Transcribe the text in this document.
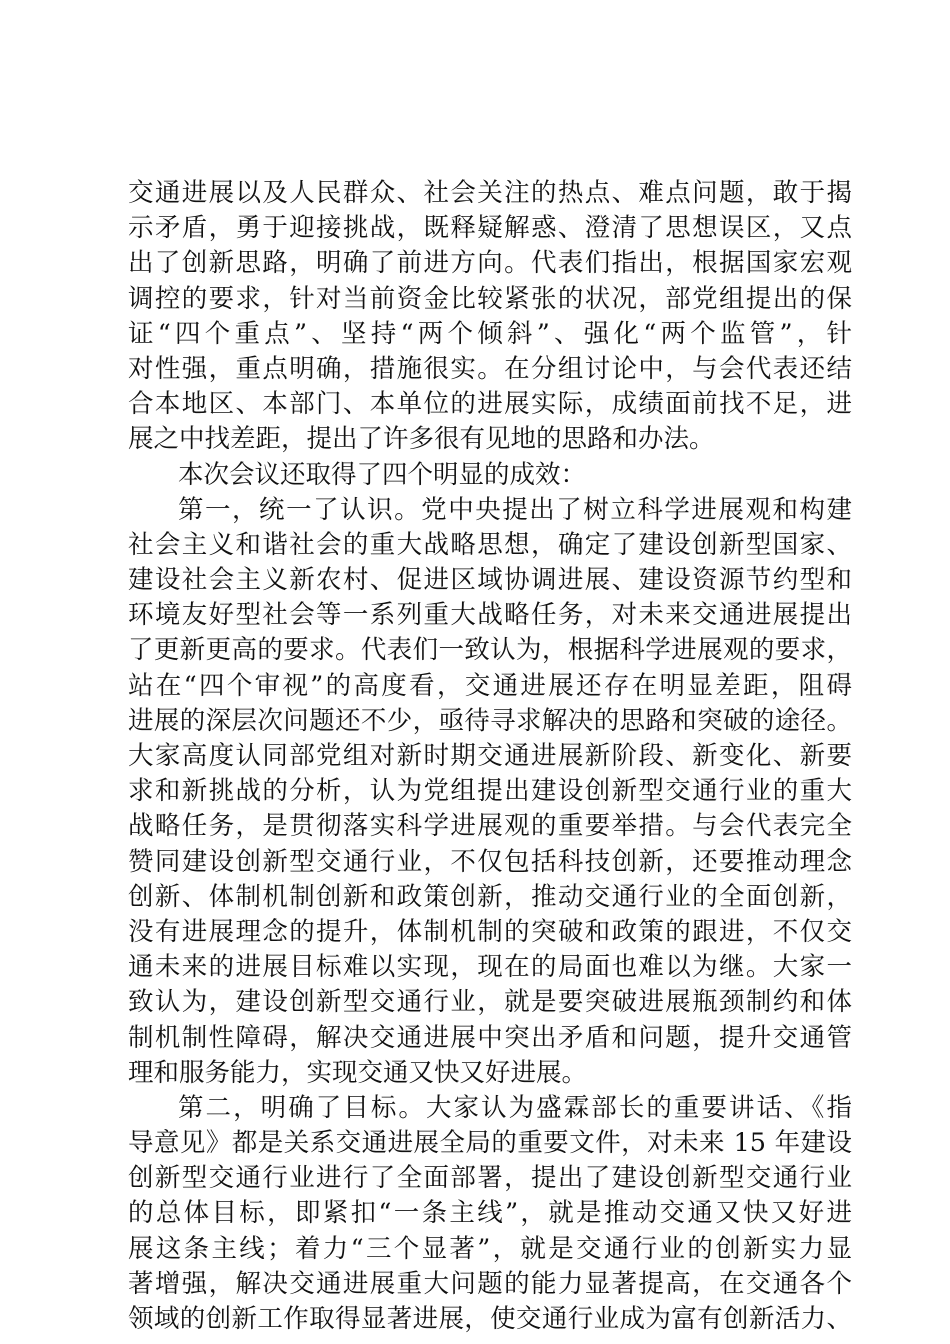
交通进展以及人民群众、社会关注的热点、难点问题，敢于揭
示矛盾，勇于迎接挑战，既释疑解惑、澄清了思想误区，又点
出了创新思路，明确了前进方向。代表们指出，根据国家宏观
调控的要求，针对当前资金比较紧张的状况，部党组提出的保
证“四个重点”、坚持“两个倾斜”、强化“两个监管”，针
对性强，重点明确，措施很实。在分组讨论中，与会代表还结
合本地区、本部门、本单位的进展实际，成绩面前找不足，进
展之中找差距，提出了许多很有见地的思路和办法。
本次会议还取得了四个明显的成效：
第一，统一了认识。党中央提出了树立科学进展观和构建
社会主义和谐社会的重大战略思想，确定了建设创新型国家、
建设社会主义新农村、促进区域协调进展、建设资源节约型和
环境友好型社会等一系列重大战略任务，对未来交通进展提出
了更新更高的要求。代表们一致认为，根据科学进展观的要求，
站在“四个审视”的高度看，交通进展还存在明显差距，阻碍
进展的深层次问题还不少，亟待寻求解决的思路和突破的途径。
大家高度认同部党组对新时期交通进展新阶段、新变化、新要
求和新挑战的分析，认为党组提出建设创新型交通行业的重大
战略任务，是贯彻落实科学进展观的重要举措。与会代表完全
赞同建设创新型交通行业，不仅包括科技创新，还要推动理念
创新、体制机制创新和政策创新，推动交通行业的全面创新，
没有进展理念的提升，体制机制的突破和政策的跟进，不仅交
通未来的进展目标难以实现，现在的局面也难以为继。大家一
致认为，建设创新型交通行业，就是要突破进展瓶颈制约和体
制机制性障碍，解决交通进展中突出矛盾和问题，提升交通管
理和服务能力，实现交通又快又好进展。
第二，明确了目标。大家认为盛霖部长的重要讲话、《指
导意见》都是关系交通进展全局的重要文件，对未来 15 年建设
创新型交通行业进行了全面部署，提出了建设创新型交通行业
的总体目标，即紧扣“一条主线”，就是推动交通又快又好进
展这条主线；着力“三个显著”，就是交通行业的创新实力显
著增强，解决交通进展重大问题的能力显著提高，在交通各个
领域的创新工作取得显著进展，使交通行业成为富有创新活力、
